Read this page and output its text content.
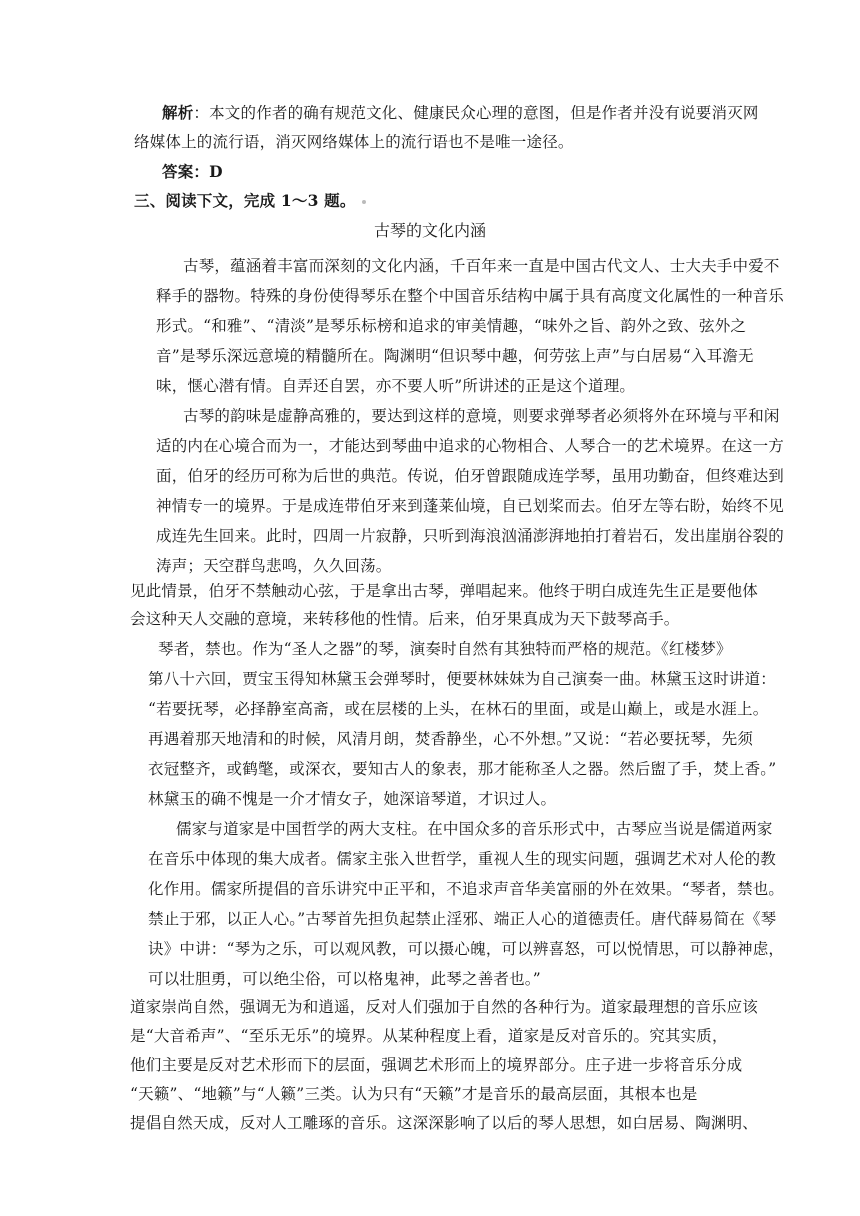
解析：本文的作者的确有规范文化、健康民众心理的意图，但是作者并没有说要消灭网
络媒体上的流行语，消灭网络媒体上的流行语也不是唯一途径。
答案：D
三、阅读下文，完成 1～3 题。
古琴的文化内涵
古琴，蕴涵着丰富而深刻的文化内涵，千百年来一直是中国古代文人、士大夫手中爱不
释手的器物。特殊的身份使得琴乐在整个中国音乐结构中属于具有高度文化属性的一种音乐
形式。“和雅”、“清淡”是琴乐标榜和追求的审美情趣，“味外之旨、韵外之致、弦外之
音”是琴乐深远意境的精髓所在。陶渊明“但识琴中趣，何劳弦上声”与白居易“入耳澹无
味，惬心潜有情。自弄还自罢，亦不要人听”所讲述的正是这个道理。
古琴的韵味是虚静高雅的，要达到这样的意境，则要求弹琴者必须将外在环境与平和闲
适的内在心境合而为一，才能达到琴曲中追求的心物相合、人琴合一的艺术境界。在这一方
面，伯牙的经历可称为后世的典范。传说，伯牙曾跟随成连学琴，虽用功勤奋，但终难达到
神情专一的境界。于是成连带伯牙来到蓬莱仙境，自已划桨而去。伯牙左等右盼，始终不见
成连先生回来。此时，四周一片寂静，只听到海浪汹涌澎湃地拍打着岩石，发出崖崩谷裂的
涛声；天空群鸟悲鸣，久久回荡。
见此情景，伯牙不禁触动心弦，于是拿出古琴，弹唱起来。他终于明白成连先生正是要他体
会这种天人交融的意境，来转移他的性情。后来，伯牙果真成为天下鼓琴高手。
琴者，禁也。作为“圣人之器”的琴，演奏时自然有其独特而严格的规范。《红楼梦》
第八十六回，贾宝玉得知林黛玉会弹琴时，便要林妹妹为自己演奏一曲。林黛玉这时讲道：
“若要抚琴，必择静室高斋，或在层楼的上头，在林石的里面，或是山巅上，或是水涯上。
再遇着那天地清和的时候，风清月朗，焚香静坐，心不外想。”又说：“若必要抚琴，先须
衣冠整齐，或鹤氅，或深衣，要知古人的象表，那才能称圣人之器。然后盥了手，焚上香。”
林黛玉的确不愧是一介才情女子，她深谙琴道，才识过人。
儒家与道家是中国哲学的两大支柱。在中国众多的音乐形式中，古琴应当说是儒道两家
在音乐中体现的集大成者。儒家主张入世哲学，重视人生的现实问题，强调艺术对人伦的教
化作用。儒家所提倡的音乐讲究中正平和，不追求声音华美富丽的外在效果。“琴者，禁也。
禁止于邪，以正人心。”古琴首先担负起禁止淫邪、端正人心的道德责任。唐代薛易简在《琴
诀》中讲：“琴为之乐，可以观风教，可以摄心魄，可以辨喜怒，可以悦情思，可以静神虑，
可以壮胆勇，可以绝尘俗，可以格鬼神，此琴之善者也。”
道家崇尚自然，强调无为和逍遥，反对人们强加于自然的各种行为。道家最理想的音乐应该
是“大音希声”、“至乐无乐”的境界。从某种程度上看，道家是反对音乐的。究其实质，
他们主要是反对艺术形而下的层面，强调艺术形而上的境界部分。庄子进一步将音乐分成
“天籁”、“地籁”与“人籁”三类。认为只有“天籁”才是音乐的最高层面，其根本也是
提倡自然天成，反对人工雕琢的音乐。这深深影响了以后的琴人思想，如白居易、陶渊明、
